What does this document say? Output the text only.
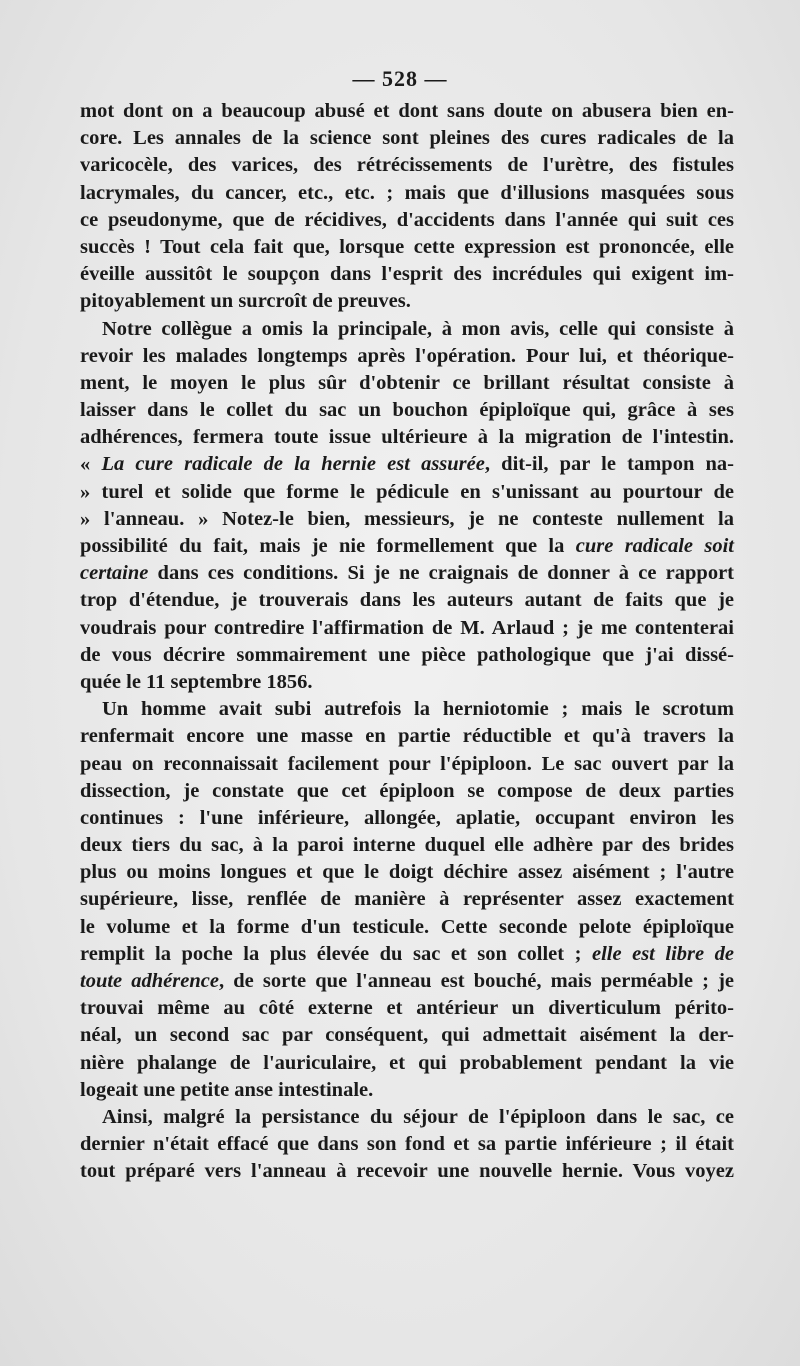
— 528 —
mot dont on a beaucoup abusé et dont sans doute on abusera bien en-
core. Les annales de la science sont pleines des cures radicales de la
varicocèle, des varices, des rétrécissements de l'urètre, des fistules
lacrymales, du cancer, etc., etc. ; mais que d'illusions masquées sous
ce pseudonyme, que de récidives, d'accidents dans l'année qui suit ces
succès ! Tout cela fait que, lorsque cette expression est prononcée, elle
éveille aussitôt le soupçon dans l'esprit des incrédules qui exigent im-
pitoyablement un surcroît de preuves.
Notre collègue a omis la principale, à mon avis, celle qui consiste à
revoir les malades longtemps après l'opération. Pour lui, et théorique-
ment, le moyen le plus sûr d'obtenir ce brillant résultat consiste à
laisser dans le collet du sac un bouchon épiploïque qui, grâce à ses
adhérences, fermera toute issue ultérieure à la migration de l'intestin.
« La cure radicale de la hernie est assurée, dit-il, par le tampon na-
» turel et solide que forme le pédicule en s'unissant au pourtour de
» l'anneau. » Notez-le bien, messieurs, je ne conteste nullement la
possibilité du fait, mais je nie formellement que la cure radicale soit
certaine dans ces conditions. Si je ne craignais de donner à ce rapport
trop d'étendue, je trouverais dans les auteurs autant de faits que je
voudrais pour contredire l'affirmation de M. Arlaud ; je me contenterai
de vous décrire sommairement une pièce pathologique que j'ai dissé-
quée le 11 septembre 1856.
Un homme avait subi autrefois la herniotomie ; mais le scrotum
renfermait encore une masse en partie réductible et qu'à travers la
peau on reconnaissait facilement pour l'épiploon. Le sac ouvert par la
dissection, je constate que cet épiploon se compose de deux parties
continues : l'une inférieure, allongée, aplatie, occupant environ les
deux tiers du sac, à la paroi interne duquel elle adhère par des brides
plus ou moins longues et que le doigt déchire assez aisément ; l'autre
supérieure, lisse, renflée de manière à représenter assez exactement
le volume et la forme d'un testicule. Cette seconde pelote épiploïque
remplit la poche la plus élevée du sac et son collet ; elle est libre de
toute adhérence, de sorte que l'anneau est bouché, mais perméable ; je
trouvai même au côté externe et antérieur un diverticulum périto-
néal, un second sac par conséquent, qui admettait aisément la der-
nière phalange de l'auriculaire, et qui probablement pendant la vie
logeait une petite anse intestinale.
Ainsi, malgré la persistance du séjour de l'épiploon dans le sac, ce
dernier n'était effacé que dans son fond et sa partie inférieure ; il était
tout préparé vers l'anneau à recevoir une nouvelle hernie. Vous voyez
